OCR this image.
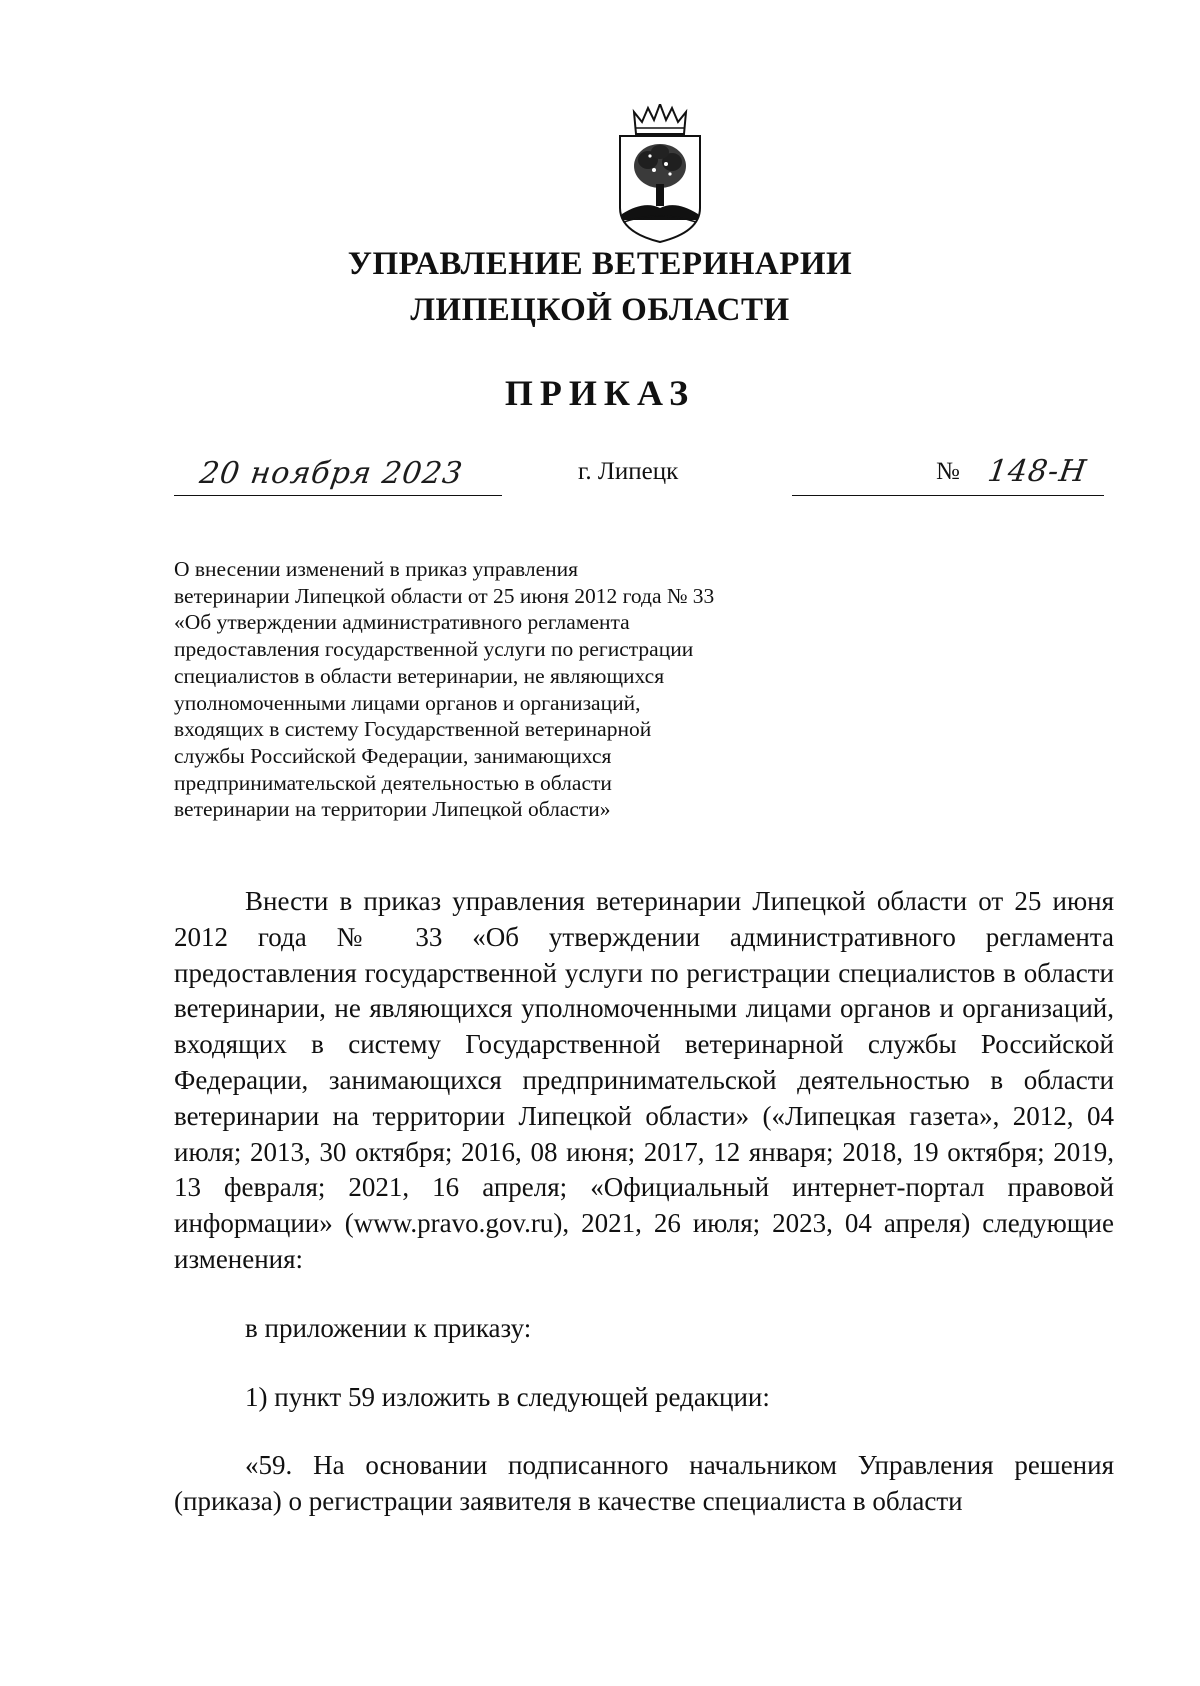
УПРАВЛЕНИЕ ВЕТЕРИНАРИИ
ЛИПЕЦКОЙ ОБЛАСТИ
ПРИКАЗ
20 ноября 2023	г. Липецк	№ 148-Н
О внесении изменений в приказ управления
ветеринарии Липецкой области от 25 июня 2012 года № 33
«Об утверждении административного регламента
предоставления государственной услуги по регистрации
специалистов в области ветеринарии, не являющихся
уполномоченными лицами органов и организаций,
входящих в систему Государственной ветеринарной
службы Российской Федерации, занимающихся
предпринимательской деятельностью в области
ветеринарии на территории Липецкой области»

Внести в приказ управления ветеринарии Липецкой области от 25 июня 2012 года № 33 «Об утверждении административного регламента предоставления государственной услуги по регистрации специалистов в области ветеринарии, не являющихся уполномоченными лицами органов и организаций, входящих в систему Государственной ветеринарной службы Российской Федерации, занимающихся предпринимательской деятельностью в области ветеринарии на территории Липецкой области» («Липецкая газета», 2012, 04 июля; 2013, 30 октября; 2016, 08 июня; 2017, 12 января; 2018, 19 октября; 2019, 13 февраля; 2021, 16 апреля; «Официальный интернет-портал правовой информации» (www.pravo.gov.ru), 2021, 26 июля; 2023, 04 апреля) следующие изменения:

в приложении к приказу:

1) пункт 59 изложить в следующей редакции:

«59. На основании подписанного начальником Управления решения (приказа) о регистрации заявителя в качестве специалиста в области
